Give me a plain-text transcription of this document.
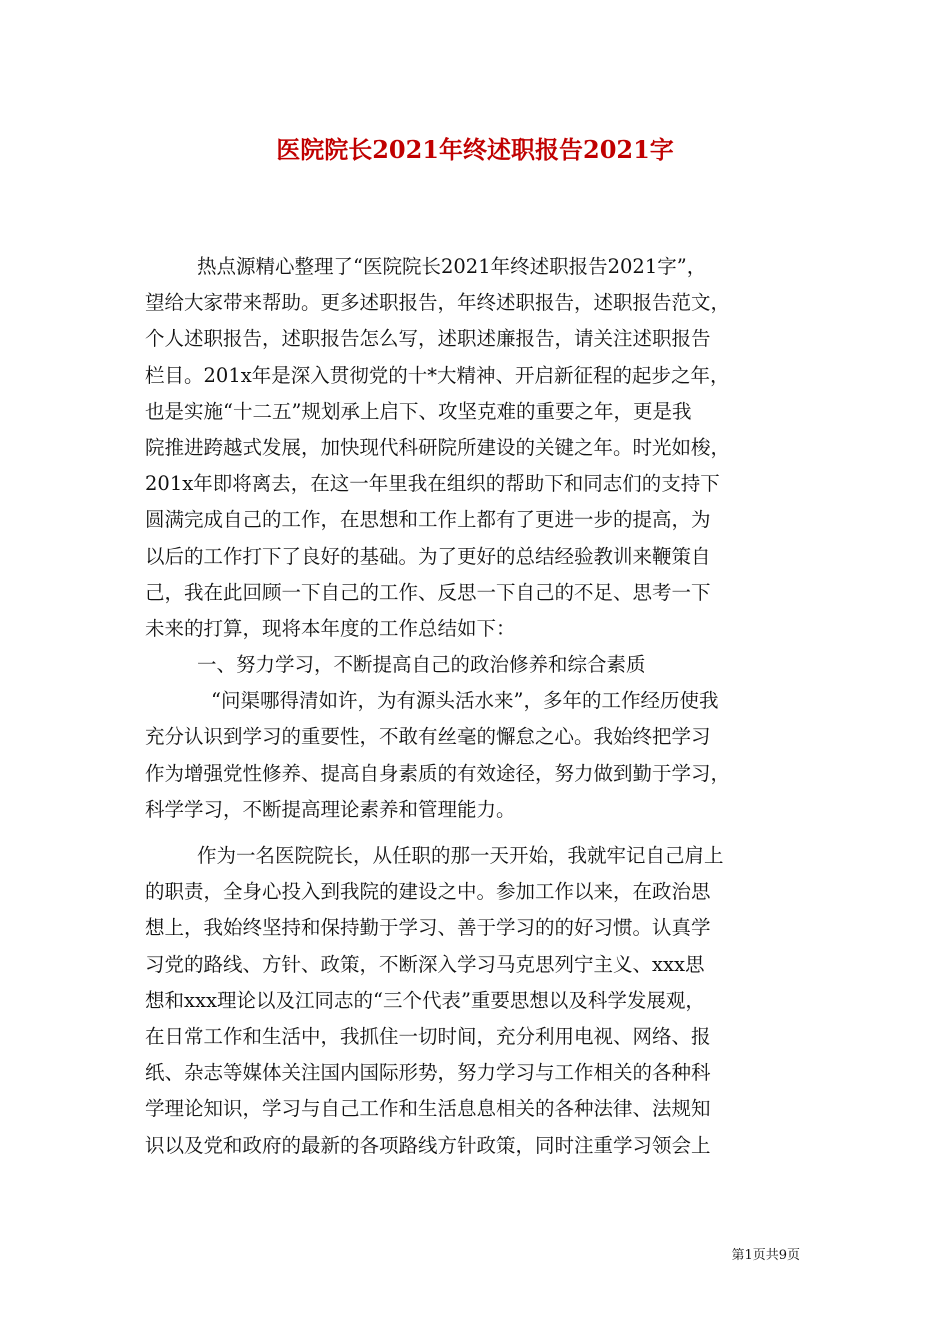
医院院长2021年终述职报告2021字
热点源精心整理了“医院院长2021年终述职报告2021字”，
望给大家带来帮助。更多述职报告，年终述职报告，述职报告范文，
个人述职报告，述职报告怎么写，述职述廉报告，请关注述职报告
栏目。201x年是深入贯彻党的十*大精神、开启新征程的起步之年，
也是实施“十二五”规划承上启下、攻坚克难的重要之年，更是我
院推进跨越式发展，加快现代科研院所建设的关键之年。时光如梭，
201x年即将离去，在这一年里我在组织的帮助下和同志们的支持下
圆满完成自己的工作，在思想和工作上都有了更进一步的提高，为
以后的工作打下了良好的基础。为了更好的总结经验教训来鞭策自
己，我在此回顾一下自己的工作、反思一下自己的不足、思考一下
未来的打算，现将本年度的工作总结如下：
一、努力学习，不断提高自己的政治修养和综合素质
“问渠哪得清如许，为有源头活水来”，多年的工作经历使我
充分认识到学习的重要性，不敢有丝毫的懈怠之心。我始终把学习
作为增强党性修养、提高自身素质的有效途径，努力做到勤于学习，
科学学习，不断提高理论素养和管理能力。
作为一名医院院长，从任职的那一天开始，我就牢记自己肩上
的职责，全身心投入到我院的建设之中。参加工作以来，在政治思
想上，我始终坚持和保持勤于学习、善于学习的的好习惯。认真学
习党的路线、方针、政策，不断深入学习马克思列宁主义、xxx思
想和xxx理论以及江同志的“三个代表”重要思想以及科学发展观，
在日常工作和生活中，我抓住一切时间，充分利用电视、网络、报
纸、杂志等媒体关注国内国际形势，努力学习与工作相关的各种科
学理论知识，学习与自己工作和生活息息相关的各种法律、法规知
识以及党和政府的最新的各项路线方针政策，同时注重学习领会上
第1页共9页
